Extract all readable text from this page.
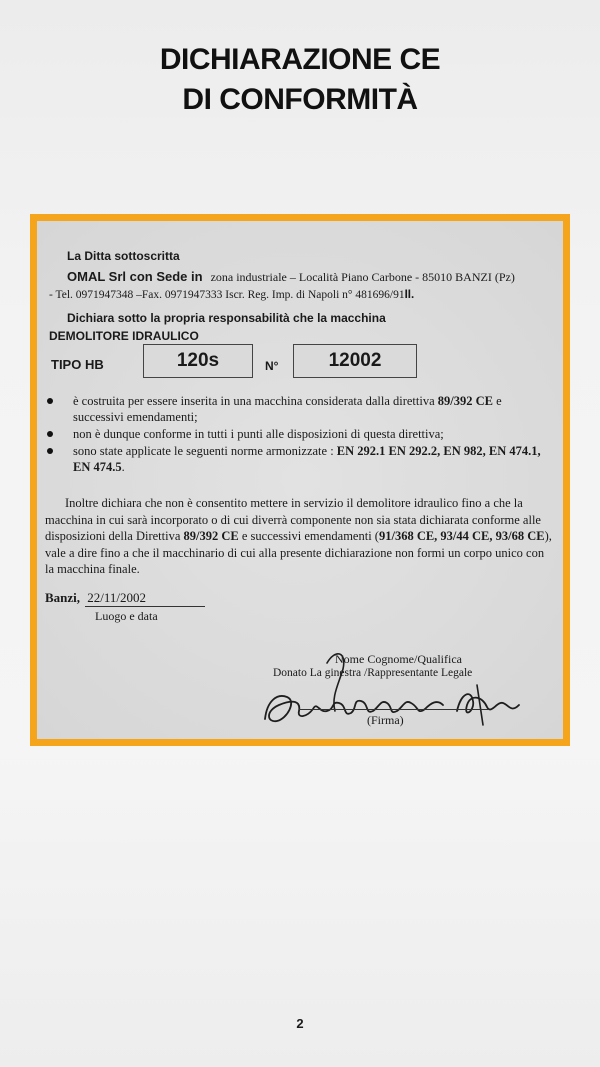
DICHIARAZIONE CE
DI CONFORMITÀ
La Ditta sottoscritta
OMAL Srl con Sede in zona industriale – Località Piano Carbone - 85010 BANZI (Pz)
- Tel. 0971947348 –Fax. 0971947333 Iscr. Reg. Imp. di Napoli n° 481696/91II.
Dichiara sotto la propria responsabilità che la macchina
DEMOLITORE IDRAULICO
TIPO HB	120s	N°	12002
è costruita per essere inserita in una macchina considerata dalla direttiva 89/392 CE e successivi emendamenti;
non è dunque conforme in tutti i punti alle disposizioni di questa direttiva;
sono state applicate le seguenti norme armonizzate : EN 292.1 EN 292.2, EN 982, EN 474.1, EN 474.5.
Inoltre dichiara che non è consentito mettere in servizio il demolitore idraulico fino a che la macchina in cui sarà incorporato o di cui diverrà componente non sia stata dichiarata conforme alle disposizioni della Direttiva 89/392 CE e successivi emendamenti (91/368 CE, 93/44 CE, 93/68 CE), vale a dire fino a che il macchinario di cui alla presente dichiarazione non formi un corpo unico con la macchina finale.
Banzi, 22/11/2002
Luogo e data
Nome Cognome/Qualifica
Donato La ginestra /Rappresentante Legale
(Firma)
2
